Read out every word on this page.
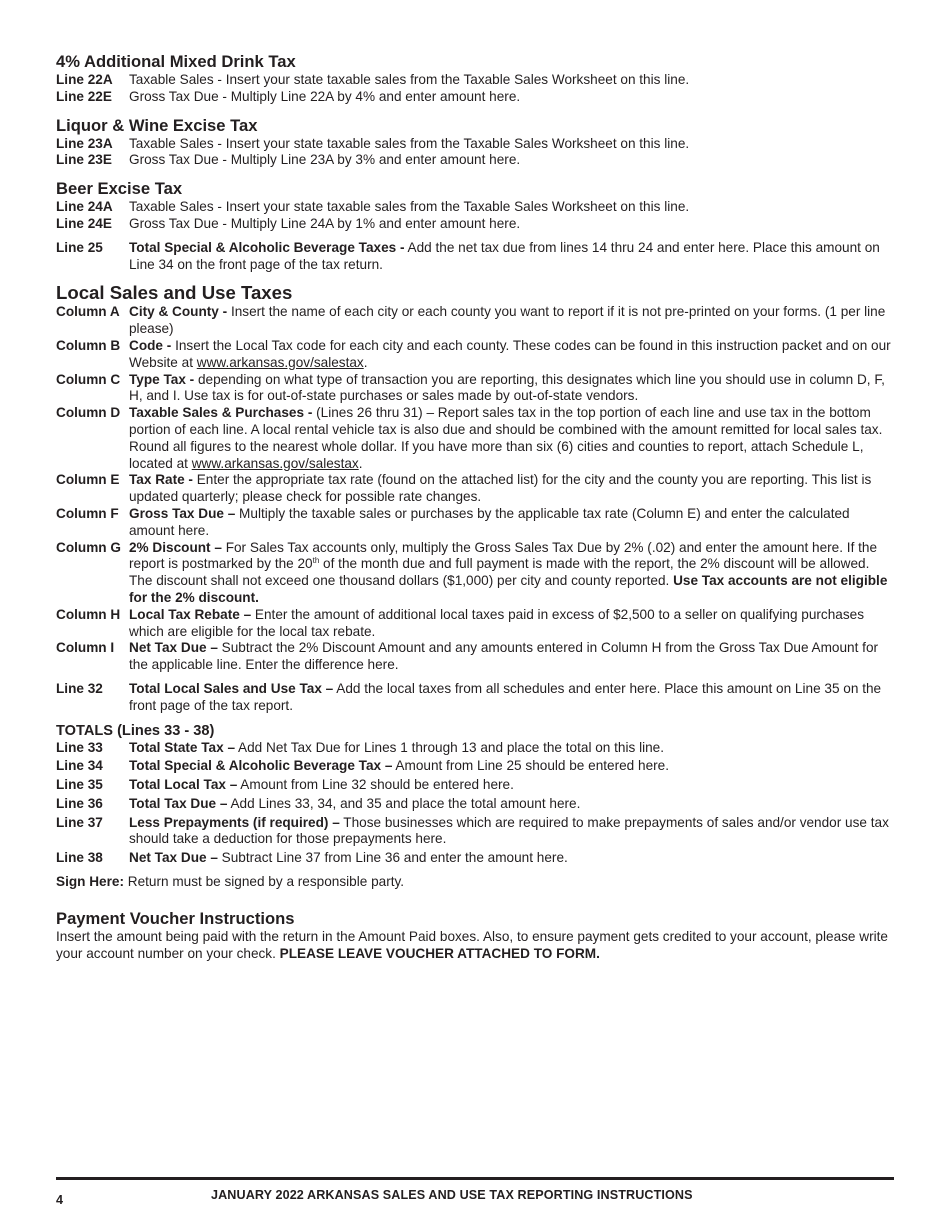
4% Additional Mixed Drink Tax
Line 22A	Taxable Sales - Insert your state taxable sales from the Taxable Sales Worksheet on this line.
Line 22E	Gross Tax Due - Multiply Line 22A by 4% and enter amount here.
Liquor & Wine Excise Tax
Line 23A	Taxable Sales - Insert your state taxable sales from the Taxable Sales Worksheet on this line.
Line 23E	Gross Tax Due - Multiply Line 23A by 3% and enter amount here.
Beer Excise Tax
Line 24A	Taxable Sales - Insert your state taxable sales from the Taxable Sales Worksheet on this line.
Line 24E	Gross Tax Due - Multiply Line 24A by 1% and enter amount here.
Line 25	Total Special & Alcoholic Beverage Taxes - Add the net tax due from lines 14 thru 24 and enter here. Place this amount on Line 34 on the front page of the tax return.
Local Sales and Use Taxes
Column A City & County - Insert the name of each city or each county you want to report if it is not pre-printed on your forms. (1 per line please)
Column B Code - Insert the Local Tax code for each city and each county. These codes can be found in this instruction packet and on our Website at www.arkansas.gov/salestax.
Column C Type Tax - depending on what type of transaction you are reporting, this designates which line you should use in column D, F, H, and I. Use tax is for out-of-state purchases or sales made by out-of-state vendors.
Column D Taxable Sales & Purchases - (Lines 26 thru 31) – Report sales tax in the top portion of each line and use tax in the bottom portion of each line. A local rental vehicle tax is also due and should be combined with the amount remitted for local sales tax. Round all figures to the nearest whole dollar. If you have more than six (6) cities and counties to report, attach Schedule L, located at www.arkansas.gov/salestax.
Column E Tax Rate - Enter the appropriate tax rate (found on the attached list) for the city and the county you are reporting. This list is updated quarterly; please check for possible rate changes.
Column F Gross Tax Due – Multiply the taxable sales or purchases by the applicable tax rate (Column E) and enter the calculated amount here.
Column G 2% Discount – For Sales Tax accounts only, multiply the Gross Sales Tax Due by 2% (.02) and enter the amount here. If the report is postmarked by the 20th of the month due and full payment is made with the report, the 2% discount will be allowed. The discount shall not exceed one thousand dollars ($1,000) per city and county reported. Use Tax accounts are not eligible for the 2% discount.
Column H Local Tax Rebate – Enter the amount of additional local taxes paid in excess of $2,500 to a seller on qualifying purchases which are eligible for the local tax rebate.
Column I	Net Tax Due – Subtract the 2% Discount Amount and any amounts entered in Column H from the Gross Tax Due Amount for the applicable line. Enter the difference here.
Line 32	Total Local Sales and Use Tax – Add the local taxes from all schedules and enter here. Place this amount on Line 35 on the front page of the tax report.
TOTALS (Lines 33 - 38)
Line 33	Total State Tax – Add Net Tax Due for Lines 1 through 13 and place the total on this line.
Line 34	Total Special & Alcoholic Beverage Tax – Amount from Line 25 should be entered here.
Line 35	Total Local Tax – Amount from Line 32 should be entered here.
Line 36	Total Tax Due – Add Lines 33, 34, and 35 and place the total amount here.
Line 37	Less Prepayments (if required) – Those businesses which are required to make prepayments of sales and/or vendor use tax should take a deduction for those prepayments here.
Line 38	Net Tax Due – Subtract Line 37 from Line 36 and enter the amount here.
Sign Here: Return must be signed by a responsible party.
Payment Voucher Instructions
Insert the amount being paid with the return in the Amount Paid boxes. Also, to ensure payment gets credited to your account, please write your account number on your check. PLEASE LEAVE VOUCHER ATTACHED TO FORM.
4	JANUARY 2022 ARKANSAS SALES AND USE TAX REPORTING INSTRUCTIONS
